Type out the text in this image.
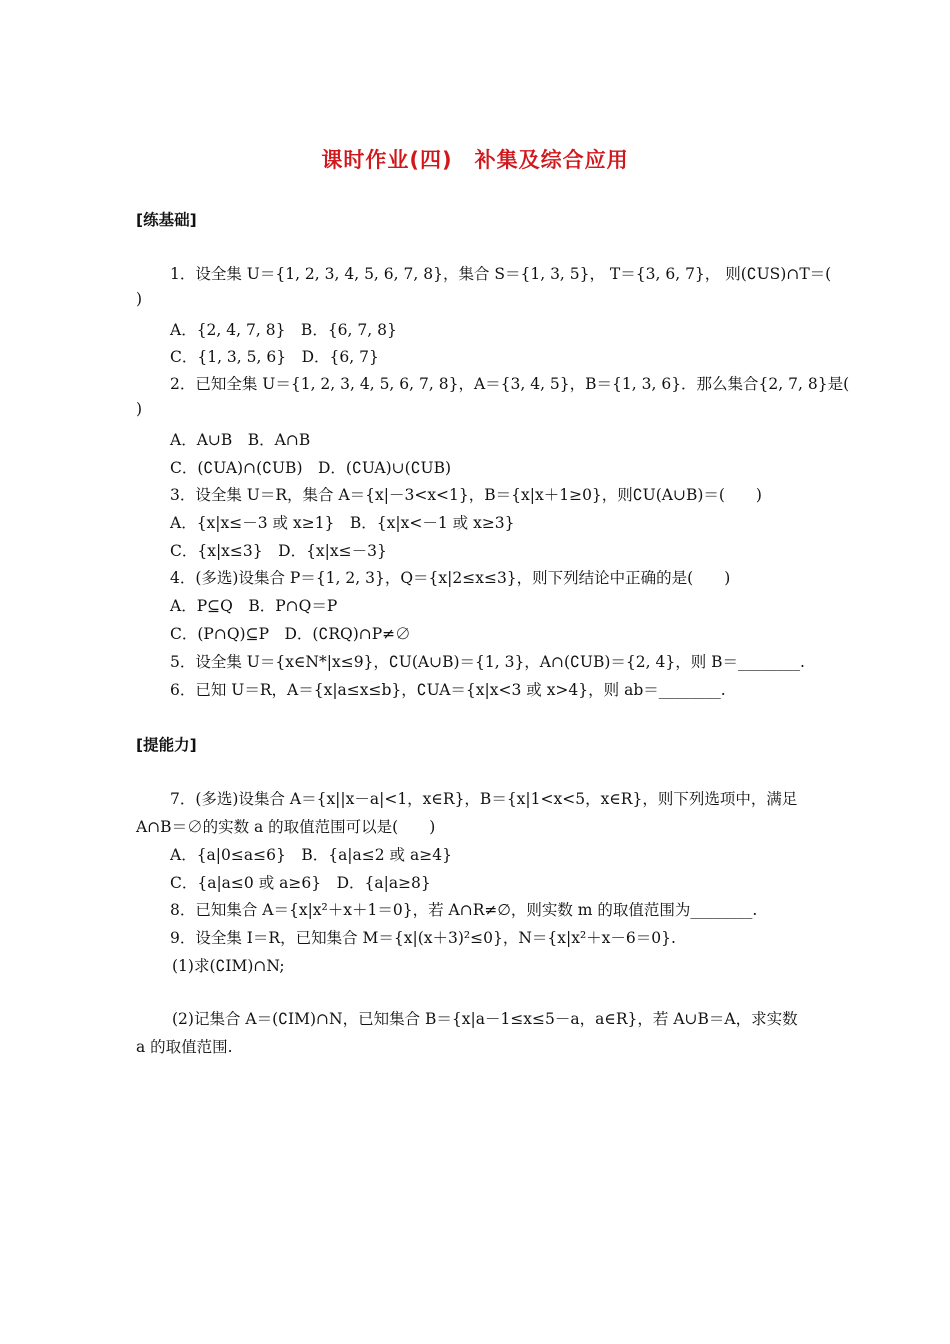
课时作业(四)　补集及综合应用
[练基础]
1．设全集 U＝{1, 2, 3, 4, 5, 6, 7, 8}，集合 S＝{1, 3, 5}， T＝{3, 6, 7}， 则(∁US)∩T＝(
)
A．{2, 4, 7, 8}　B．{6, 7, 8}
C．{1, 3, 5, 6}　D．{6, 7}
2．已知全集 U＝{1, 2, 3, 4, 5, 6, 7, 8}，A＝{3, 4, 5}，B＝{1, 3, 6}．那么集合{2, 7, 8}是(
)
A．A∪B　B．A∩B
C．(∁UA)∩(∁UB)　D．(∁UA)∪(∁UB)
3．设全集 U＝R，集合 A＝{x|－3<x<1}，B＝{x|x＋1≥0}，则∁U(A∪B)＝(　　)
A．{x|x≤－3 或 x≥1}　B．{x|x<－1 或 x≥3}
C．{x|x≤3}　D．{x|x≤－3}
4．(多选)设集合 P＝{1, 2, 3}，Q＝{x|2≤x≤3}，则下列结论中正确的是(　　)
A．P⊆Q　B．P∩Q＝P
C．(P∩Q)⊆P　D．(∁RQ)∩P≠∅
5．设全集 U＝{x∈N*|x≤9}，∁U(A∪B)＝{1, 3}，A∩(∁UB)＝{2, 4}，则 B＝________.
6．已知 U＝R，A＝{x|a≤x≤b}，∁UA＝{x|x<3 或 x>4}，则 ab＝________.
[提能力]
7．(多选)设集合 A＝{x||x－a|<1，x∈R}，B＝{x|1<x<5，x∈R}，则下列选项中，满足
A∩B＝∅的实数 a 的取值范围可以是(　　)
A．{a|0≤a≤6}　B．{a|a≤2 或 a≥4}
C．{a|a≤0 或 a≥6}　D．{a|a≥8}
8．已知集合 A＝{x|x²＋x＋1＝0}，若 A∩R≠∅，则实数 m 的取值范围为________.
9．设全集 I＝R，已知集合 M＝{x|(x＋3)²≤0}，N＝{x|x²＋x－6＝0}.
(1)求(∁IM)∩N;
(2)记集合 A＝(∁IM)∩N，已知集合 B＝{x|a－1≤x≤5－a，a∈R}，若 A∪B＝A，求实数
a 的取值范围.
